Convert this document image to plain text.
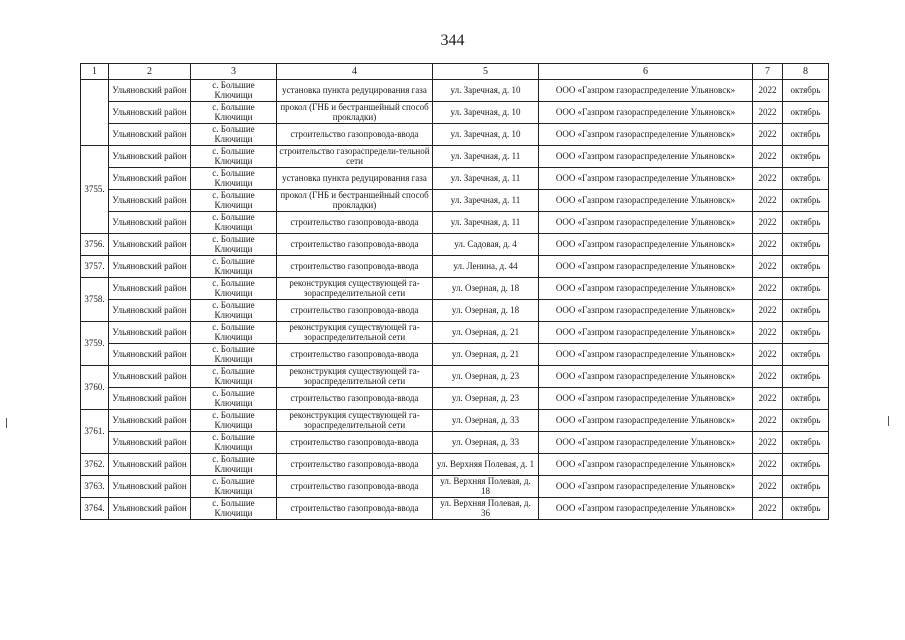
344
1	2	3	4	5	6	7	8
	Ульяновский район	с. Большие Ключищи	установка пункта редуцирования газа	ул. Заречная, д. 10	ООО «Газпром газораспределение Ульяновск»	2022	октябрь
	Ульяновский район	с. Большие Ключищи	прокол (ГНБ и бестраншейный способ прокладки)	ул. Заречная, д. 10	ООО «Газпром газораспределение Ульяновск»	2022	октябрь
	Ульяновский район	с. Большие Ключищи	строительство газопровода-ввода	ул. Заречная, д. 10	ООО «Газпром газораспределение Ульяновск»	2022	октябрь
3755.	Ульяновский район	с. Большие Ключищи	строительство газораспредели-тельной сети	ул. Заречная, д. 11	ООО «Газпром газораспределение Ульяновск»	2022	октябрь
	Ульяновский район	с. Большие Ключищи	установка пункта редуцирования газа	ул. Заречная, д. 11	ООО «Газпром газораспределение Ульяновск»	2022	октябрь
	Ульяновский район	с. Большие Ключищи	прокол (ГНБ и бестраншейный способ прокладки)	ул. Заречная, д. 11	ООО «Газпром газораспределение Ульяновск»	2022	октябрь
	Ульяновский район	с. Большие Ключищи	строительство газопровода-ввода	ул. Заречная, д. 11	ООО «Газпром газораспределение Ульяновск»	2022	октябрь
3756.	Ульяновский район	с. Большие Ключищи	строительство газопровода-ввода	ул. Садовая, д. 4	ООО «Газпром газораспределение Ульяновск»	2022	октябрь
3757.	Ульяновский район	с. Большие Ключищи	строительство газопровода-ввода	ул. Ленина, д. 44	ООО «Газпром газораспределение Ульяновск»	2022	октябрь
3758.	Ульяновский район	с. Большие Ключищи	реконструкция существующей га-зораспределительной сети	ул. Озерная, д. 18	ООО «Газпром газораспределение Ульяновск»	2022	октябрь
	Ульяновский район	с. Большие Ключищи	строительство газопровода-ввода	ул. Озерная, д. 18	ООО «Газпром газораспределение Ульяновск»	2022	октябрь
3759.	Ульяновский район	с. Большие Ключищи	реконструкция существующей га-зораспределительной сети	ул. Озерная, д. 21	ООО «Газпром газораспределение Ульяновск»	2022	октябрь
	Ульяновский район	с. Большие Ключищи	строительство газопровода-ввода	ул. Озерная, д. 21	ООО «Газпром газораспределение Ульяновск»	2022	октябрь
3760.	Ульяновский район	с. Большие Ключищи	реконструкция существующей га-зораспределительной сети	ул. Озерная, д. 23	ООО «Газпром газораспределение Ульяновск»	2022	октябрь
	Ульяновский район	с. Большие Ключищи	строительство газопровода-ввода	ул. Озерная, д. 23	ООО «Газпром газораспределение Ульяновск»	2022	октябрь
3761.	Ульяновский район	с. Большие Ключищи	реконструкция существующей га-зораспределительной сети	ул. Озерная, д. 33	ООО «Газпром газораспределение Ульяновск»	2022	октябрь
	Ульяновский район	с. Большие Ключищи	строительство газопровода-ввода	ул. Озерная, д. 33	ООО «Газпром газораспределение Ульяновск»	2022	октябрь
3762.	Ульяновский район	с. Большие Ключищи	строительство газопровода-ввода	ул. Верхняя Полевая, д. 1	ООО «Газпром газораспределение Ульяновск»	2022	октябрь
3763.	Ульяновский район	с. Большие Ключищи	строительство газопровода-ввода	ул. Верхняя Полевая, д. 18	ООО «Газпром газораспределение Ульяновск»	2022	октябрь
3764.	Ульяновский район	с. Большие Ключищи	строительство газопровода-ввода	ул. Верхняя Полевая, д. 36	ООО «Газпром газораспределение Ульяновск»	2022	октябрь
